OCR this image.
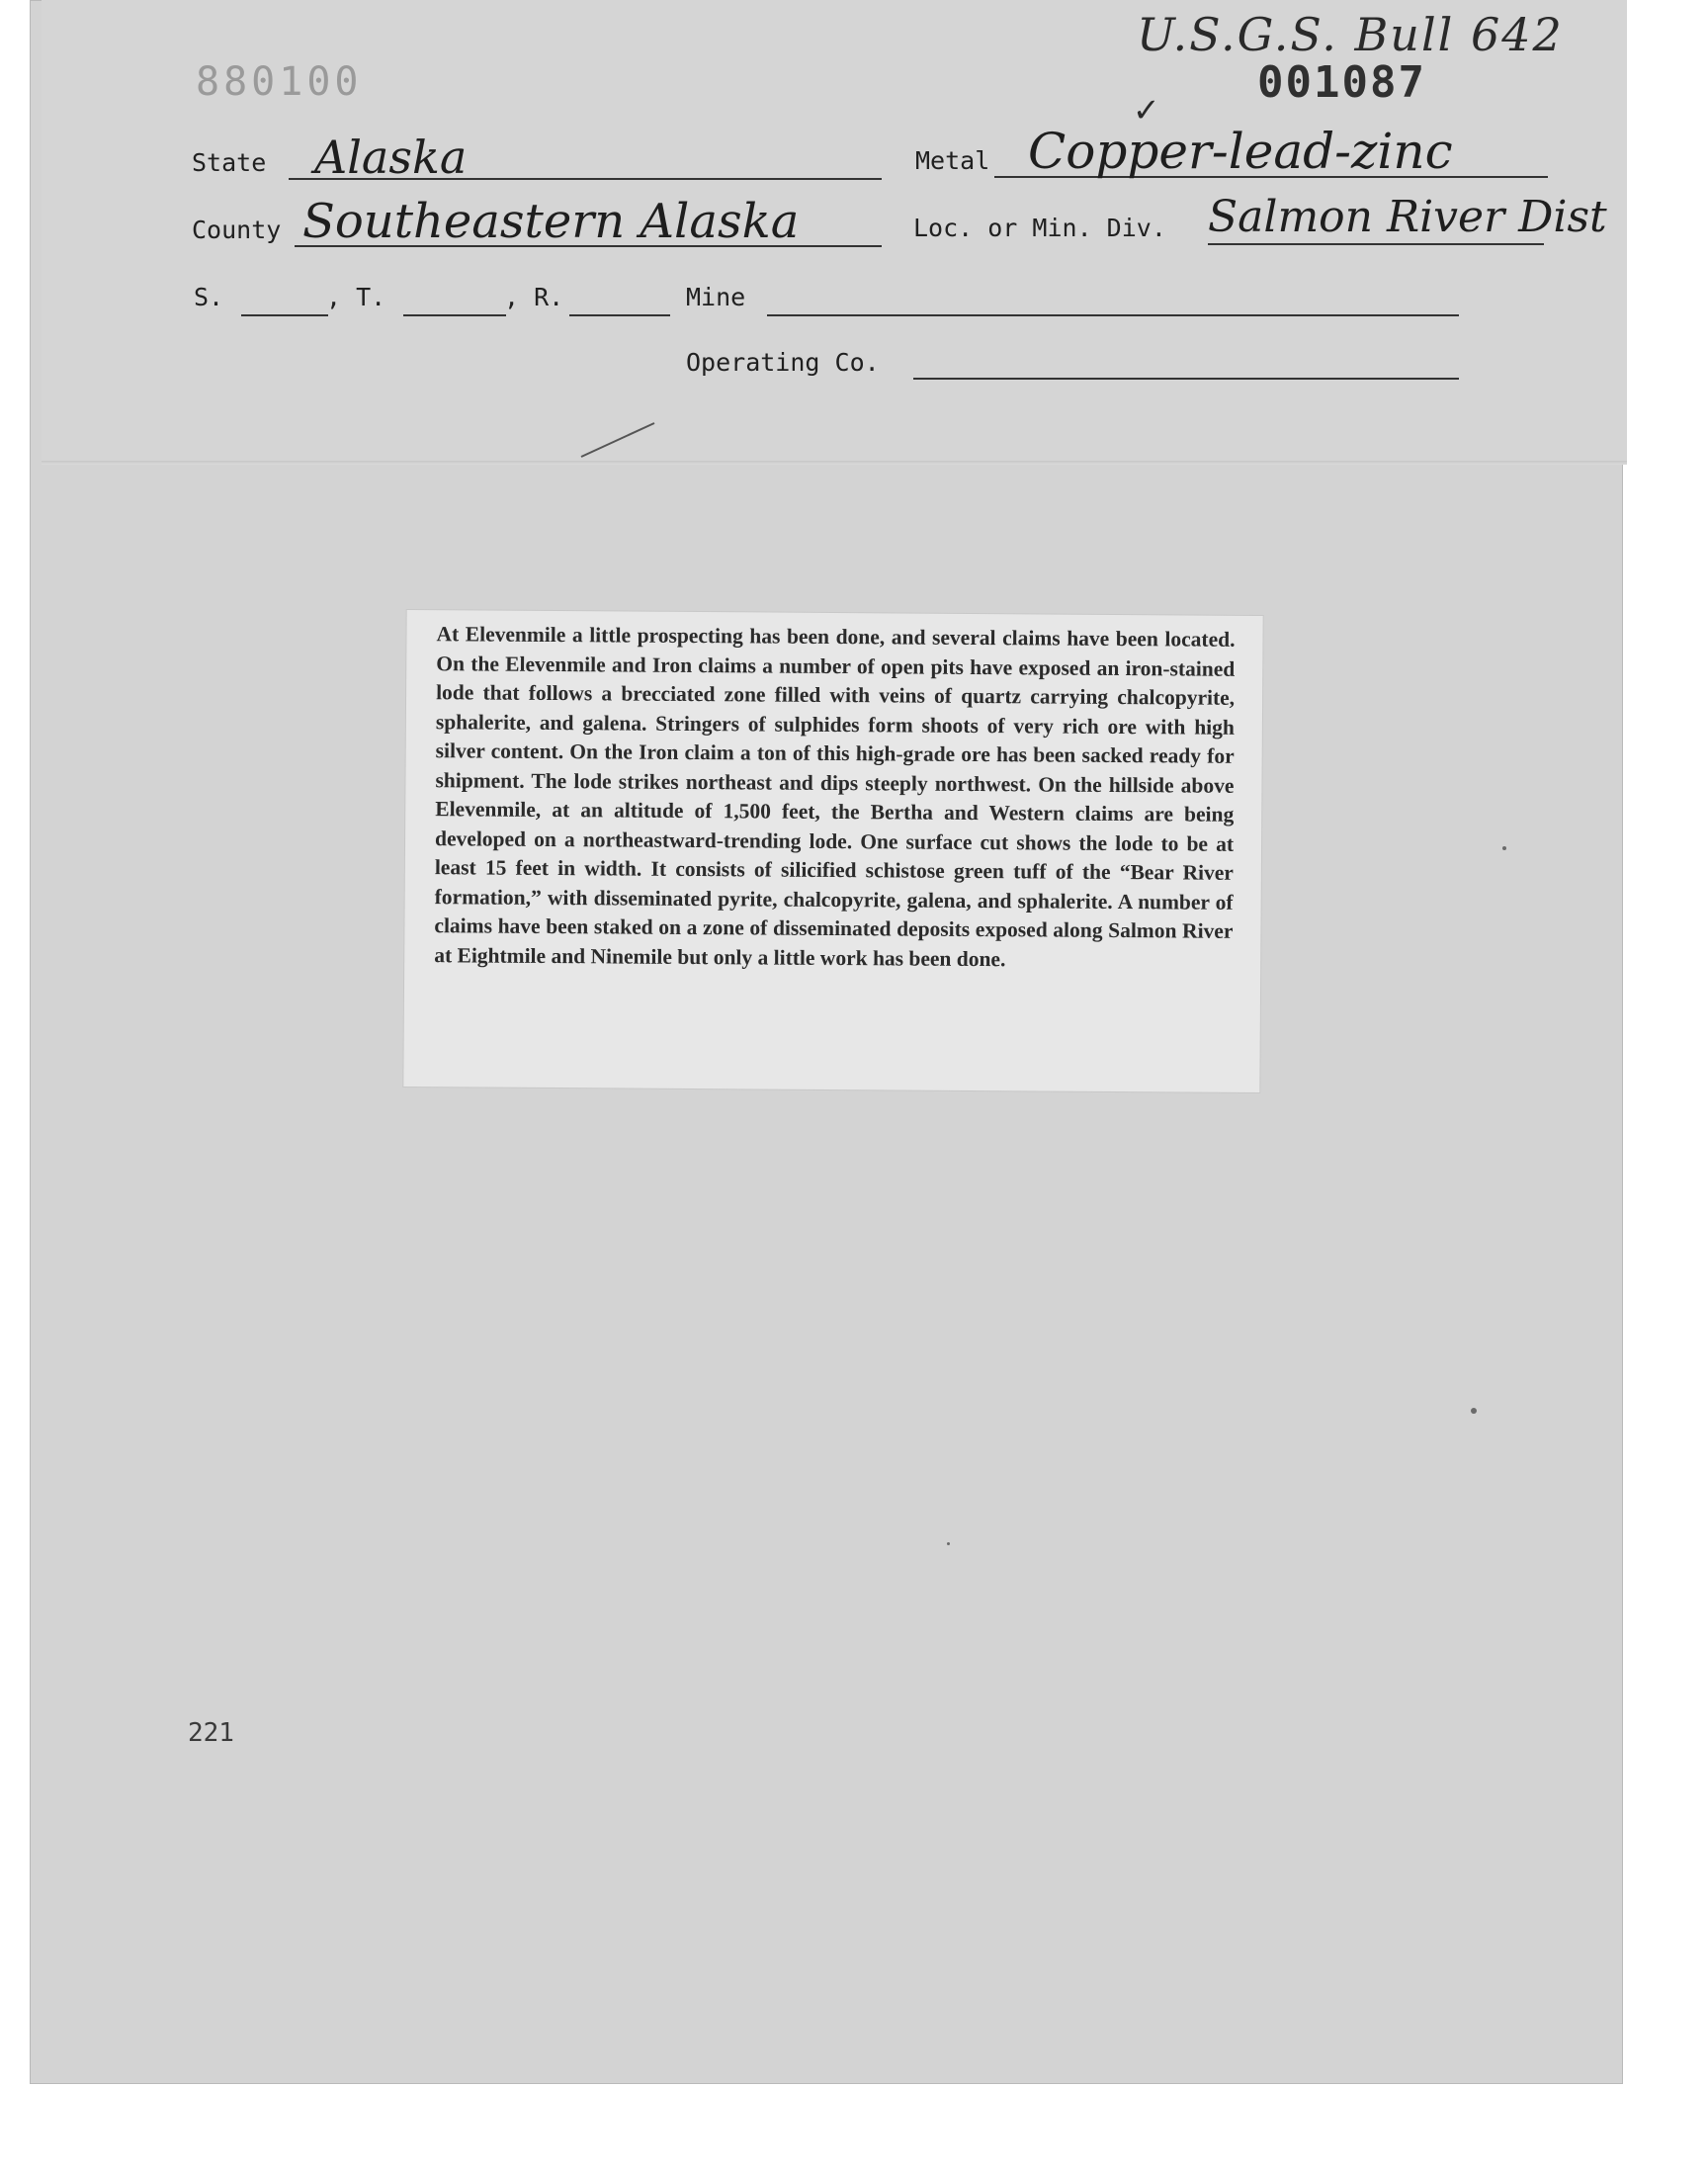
880100
U.S.G.S. Bull 642
✓
001087
State Alaska	Metal Copper-lead-zinc
County Southeastern Alaska	Loc. or Min. Div. Salmon River Dist
S.	, T.	, R.	Mine
Operating Co.
At Elevenmile a little prospecting has been done, and several claims have been located. On the Elevenmile and Iron claims a number of open pits have exposed an iron-stained lode that follows a brecciated zone filled with veins of quartz carrying chalcopyrite, sphalerite, and galena. Stringers of sulphides form shoots of very rich ore with high silver content. On the Iron claim a ton of this high-grade ore has been sacked ready for shipment. The lode strikes northeast and dips steeply northwest. On the hillside above Elevenmile, at an altitude of 1,500 feet, the Bertha and Western claims are being developed on a northeastward-trending lode. One surface cut shows the lode to be at least 15 feet in width. It consists of silicified schistose green tuff of the “Bear River formation,” with disseminated pyrite, chalcopyrite, galena, and sphalerite. A number of claims have been staked on a zone of disseminated deposits exposed along Salmon River at Eightmile and Ninemile but only a little work has been done.
221
